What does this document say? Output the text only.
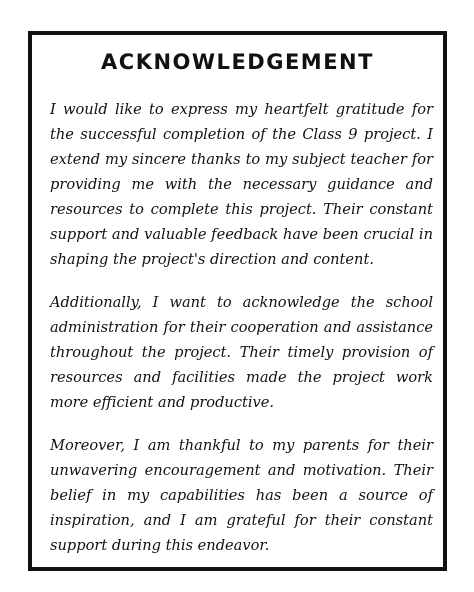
ACKNOWLEDGEMENT

I would like to express my heartfelt gratitude for the successful completion of the Class 9 project. I extend my sincere thanks to my subject teacher for providing me with the necessary guidance and resources to complete this project. Their constant support and valuable feedback have been crucial in shaping the project's direction and content.

Additionally, I want to acknowledge the school administration for their cooperation and assistance throughout the project. Their timely provision of resources and facilities made the project work more efficient and productive.

Moreover, I am thankful to my parents for their unwavering encouragement and motivation. Their belief in my capabilities has been a source of inspiration, and I am grateful for their constant support during this endeavor.
